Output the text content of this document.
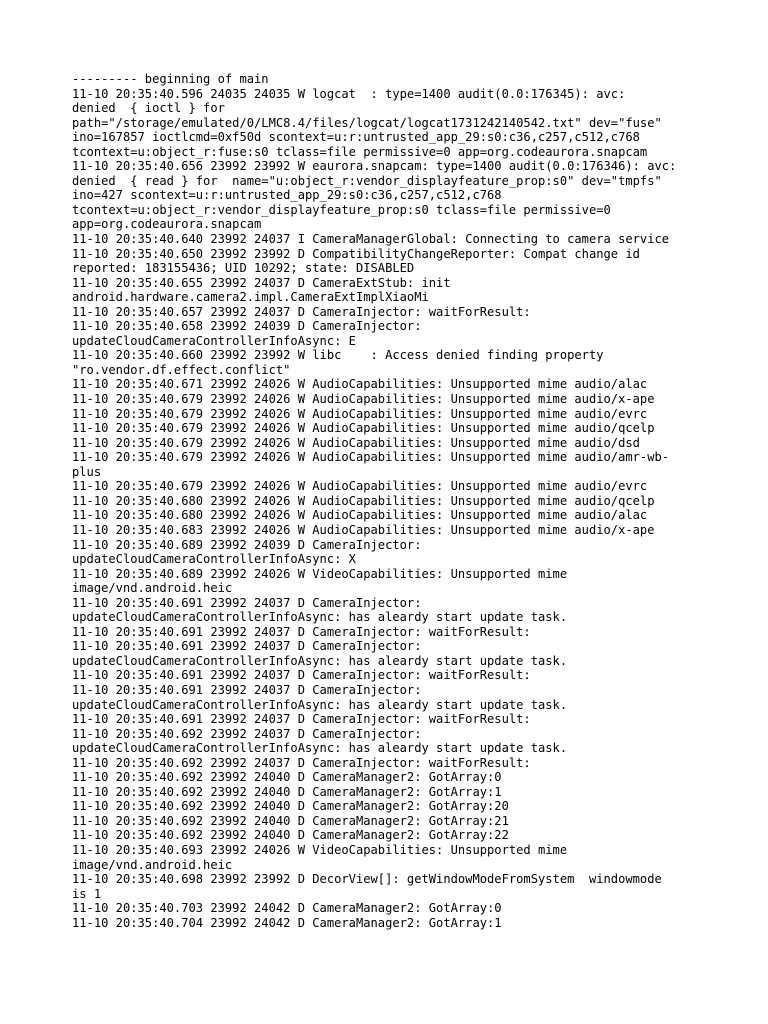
--------- beginning of main
11-10 20:35:40.596 24035 24035 W logcat  : type=1400 audit(0.0:176345): avc:
denied  { ioctl } for
path="/storage/emulated/0/LMC8.4/files/logcat/logcat1731242140542.txt" dev="fuse"
ino=167857 ioctlcmd=0xf50d scontext=u:r:untrusted_app_29:s0:c36,c257,c512,c768
tcontext=u:object_r:fuse:s0 tclass=file permissive=0 app=org.codeaurora.snapcam
11-10 20:35:40.656 23992 23992 W eaurora.snapcam: type=1400 audit(0.0:176346): avc:
denied  { read } for  name="u:object_r:vendor_displayfeature_prop:s0" dev="tmpfs"
ino=427 scontext=u:r:untrusted_app_29:s0:c36,c257,c512,c768
tcontext=u:object_r:vendor_displayfeature_prop:s0 tclass=file permissive=0
app=org.codeaurora.snapcam
11-10 20:35:40.640 23992 24037 I CameraManagerGlobal: Connecting to camera service
11-10 20:35:40.650 23992 23992 D CompatibilityChangeReporter: Compat change id
reported: 183155436; UID 10292; state: DISABLED
11-10 20:35:40.655 23992 24037 D CameraExtStub: init
android.hardware.camera2.impl.CameraExtImplXiaoMi
11-10 20:35:40.657 23992 24037 D CameraInjector: waitForResult:
11-10 20:35:40.658 23992 24039 D CameraInjector:
updateCloudCameraControllerInfoAsync: E
11-10 20:35:40.660 23992 23992 W libc    : Access denied finding property
"ro.vendor.df.effect.conflict"
11-10 20:35:40.671 23992 24026 W AudioCapabilities: Unsupported mime audio/alac
11-10 20:35:40.679 23992 24026 W AudioCapabilities: Unsupported mime audio/x-ape
11-10 20:35:40.679 23992 24026 W AudioCapabilities: Unsupported mime audio/evrc
11-10 20:35:40.679 23992 24026 W AudioCapabilities: Unsupported mime audio/qcelp
11-10 20:35:40.679 23992 24026 W AudioCapabilities: Unsupported mime audio/dsd
11-10 20:35:40.679 23992 24026 W AudioCapabilities: Unsupported mime audio/amr-wb-
plus
11-10 20:35:40.679 23992 24026 W AudioCapabilities: Unsupported mime audio/evrc
11-10 20:35:40.680 23992 24026 W AudioCapabilities: Unsupported mime audio/qcelp
11-10 20:35:40.680 23992 24026 W AudioCapabilities: Unsupported mime audio/alac
11-10 20:35:40.683 23992 24026 W AudioCapabilities: Unsupported mime audio/x-ape
11-10 20:35:40.689 23992 24039 D CameraInjector:
updateCloudCameraControllerInfoAsync: X
11-10 20:35:40.689 23992 24026 W VideoCapabilities: Unsupported mime
image/vnd.android.heic
11-10 20:35:40.691 23992 24037 D CameraInjector:
updateCloudCameraControllerInfoAsync: has aleardy start update task.
11-10 20:35:40.691 23992 24037 D CameraInjector: waitForResult:
11-10 20:35:40.691 23992 24037 D CameraInjector:
updateCloudCameraControllerInfoAsync: has aleardy start update task.
11-10 20:35:40.691 23992 24037 D CameraInjector: waitForResult:
11-10 20:35:40.691 23992 24037 D CameraInjector:
updateCloudCameraControllerInfoAsync: has aleardy start update task.
11-10 20:35:40.691 23992 24037 D CameraInjector: waitForResult:
11-10 20:35:40.692 23992 24037 D CameraInjector:
updateCloudCameraControllerInfoAsync: has aleardy start update task.
11-10 20:35:40.692 23992 24037 D CameraInjector: waitForResult:
11-10 20:35:40.692 23992 24040 D CameraManager2: GotArray:0
11-10 20:35:40.692 23992 24040 D CameraManager2: GotArray:1
11-10 20:35:40.692 23992 24040 D CameraManager2: GotArray:20
11-10 20:35:40.692 23992 24040 D CameraManager2: GotArray:21
11-10 20:35:40.692 23992 24040 D CameraManager2: GotArray:22
11-10 20:35:40.693 23992 24026 W VideoCapabilities: Unsupported mime
image/vnd.android.heic
11-10 20:35:40.698 23992 23992 D DecorView[]: getWindowModeFromSystem  windowmode
is 1
11-10 20:35:40.703 23992 24042 D CameraManager2: GotArray:0
11-10 20:35:40.704 23992 24042 D CameraManager2: GotArray:1
